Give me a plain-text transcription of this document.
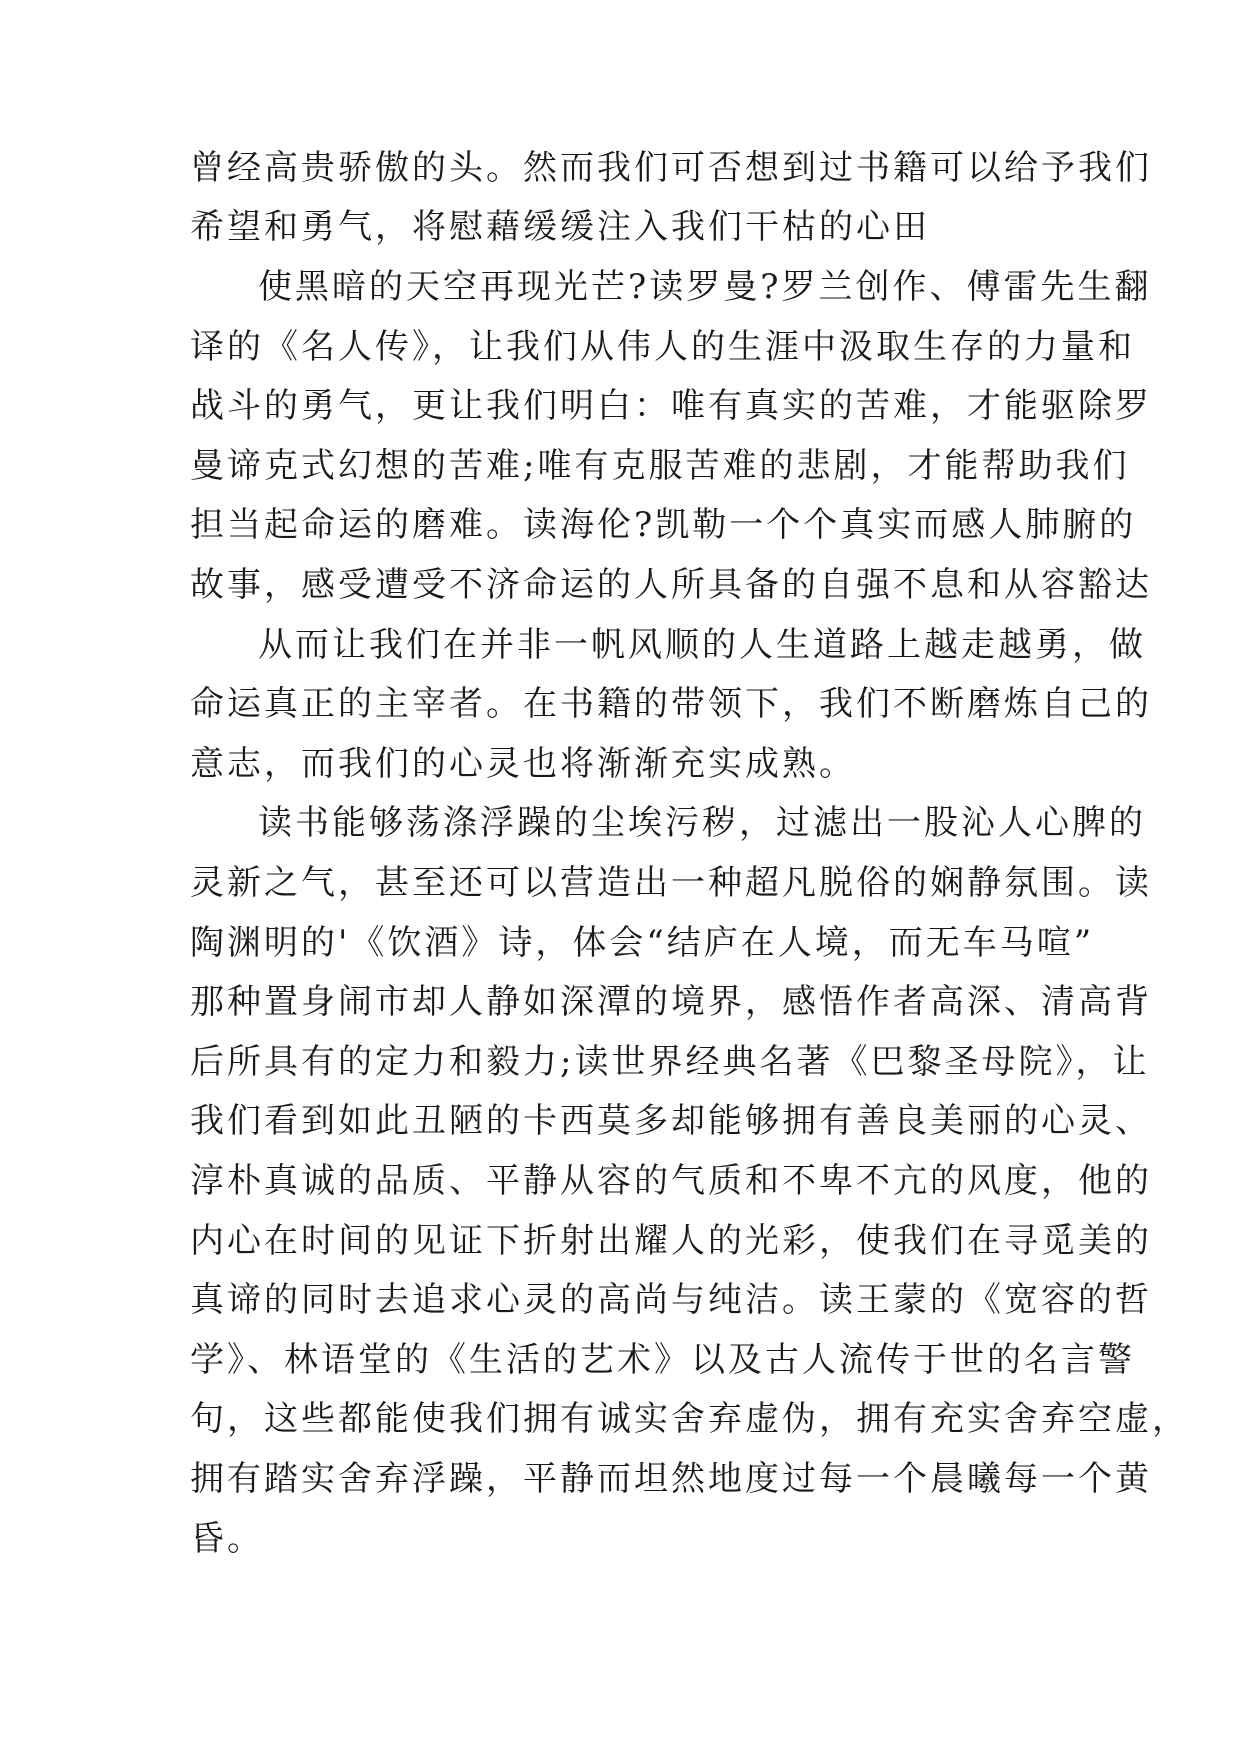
曾经高贵骄傲的头。然而我们可否想到过书籍可以给予我们
希望和勇气，将慰藉缓缓注入我们干枯的心田
使黑暗的天空再现光芒?读罗曼?罗兰创作、傅雷先生翻
译的《名人传》，让我们从伟人的生涯中汲取生存的力量和
战斗的勇气，更让我们明白：唯有真实的苦难，才能驱除罗
曼谛克式幻想的苦难;唯有克服苦难的悲剧，才能帮助我们
担当起命运的磨难。读海伦?凯勒一个个真实而感人肺腑的
故事，感受遭受不济命运的人所具备的自强不息和从容豁达
从而让我们在并非一帆风顺的人生道路上越走越勇，做
命运真正的主宰者。在书籍的带领下，我们不断磨炼自己的
意志，而我们的心灵也将渐渐充实成熟。
读书能够荡涤浮躁的尘埃污秽，过滤出一股沁人心脾的
灵新之气，甚至还可以营造出一种超凡脱俗的娴静氛围。读
陶渊明的'《饮酒》诗，体会“结庐在人境，而无车马喧”
那种置身闹市却人静如深潭的境界，感悟作者高深、清高背
后所具有的定力和毅力;读世界经典名著《巴黎圣母院》，让
我们看到如此丑陋的卡西莫多却能够拥有善良美丽的心灵、
淳朴真诚的品质、平静从容的气质和不卑不亢的风度，他的
内心在时间的见证下折射出耀人的光彩，使我们在寻觅美的
真谛的同时去追求心灵的高尚与纯洁。读王蒙的《宽容的哲
学》、林语堂的《生活的艺术》以及古人流传于世的名言警
句，这些都能使我们拥有诚实舍弃虚伪，拥有充实舍弃空虚，
拥有踏实舍弃浮躁，平静而坦然地度过每一个晨曦每一个黄
昏。
